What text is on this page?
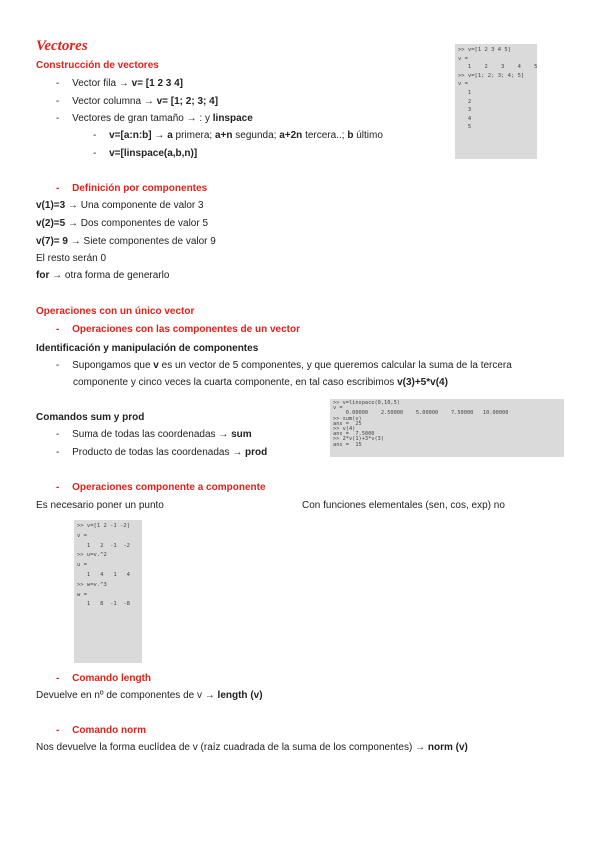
Vectores
Construcción de vectores
- Vector fila → v= [1 2 3 4]
- Vector columna → v= [1; 2; 3; 4]
- Vectores de gran tamaño → : y linspace
- v=[a:n:b] → a primera; a+n segunda; a+2n tercera..; b último
- v=[linspace(a,b,n)]
>> v=[1 2 3 4 5]
v =
1    2    3    4    5
>> v=[1; 2; 3; 4; 5]
v =
1
2
3
4
5
- Definición por componentes
v(1)=3 → Una componente de valor 3
v(2)=5 → Dos componentes de valor 5
v(7)= 9 → Siete componentes de valor 9
El resto serán 0
for → otra forma de generarlo
Operaciones con un único vector
- Operaciones con las componentes de un vector
Identificación y manipulación de componentes
- Supongamos que v es un vector de 5 componentes, y que queremos calcular la suma de la tercera
componente y cinco veces la cuarta componente, en tal caso escribimos v(3)+5*v(4)
Comandos sum y prod
- Suma de todas las coordenadas → sum
- Producto de todas las coordenadas → prod
>> v=linspace(0,10,5)
v =
0.00000    2.50000    5.00000    7.50000   10.00000
>> sum(v)
ans =  25
>> v(4)
ans =  7.5000
>> 2*v(1)+3*v(3)
ans =  15
- Operaciones componente a componente
Es necesario poner un punto	Con funciones elementales (sen, cos, exp) no
>> v=[1 2 -1 -2]
v =
1   2  -1  -2
>> u=v.^2
u =
1   4   1   4
>> w=v.^3
w =
1   8  -1  -8
- Comando length
Devuelve en nº de componentes de v → length (v)
- Comando norm
Nos devuelve la forma euclídea de v (raíz cuadrada de la suma de los componentes) → norm (v)
